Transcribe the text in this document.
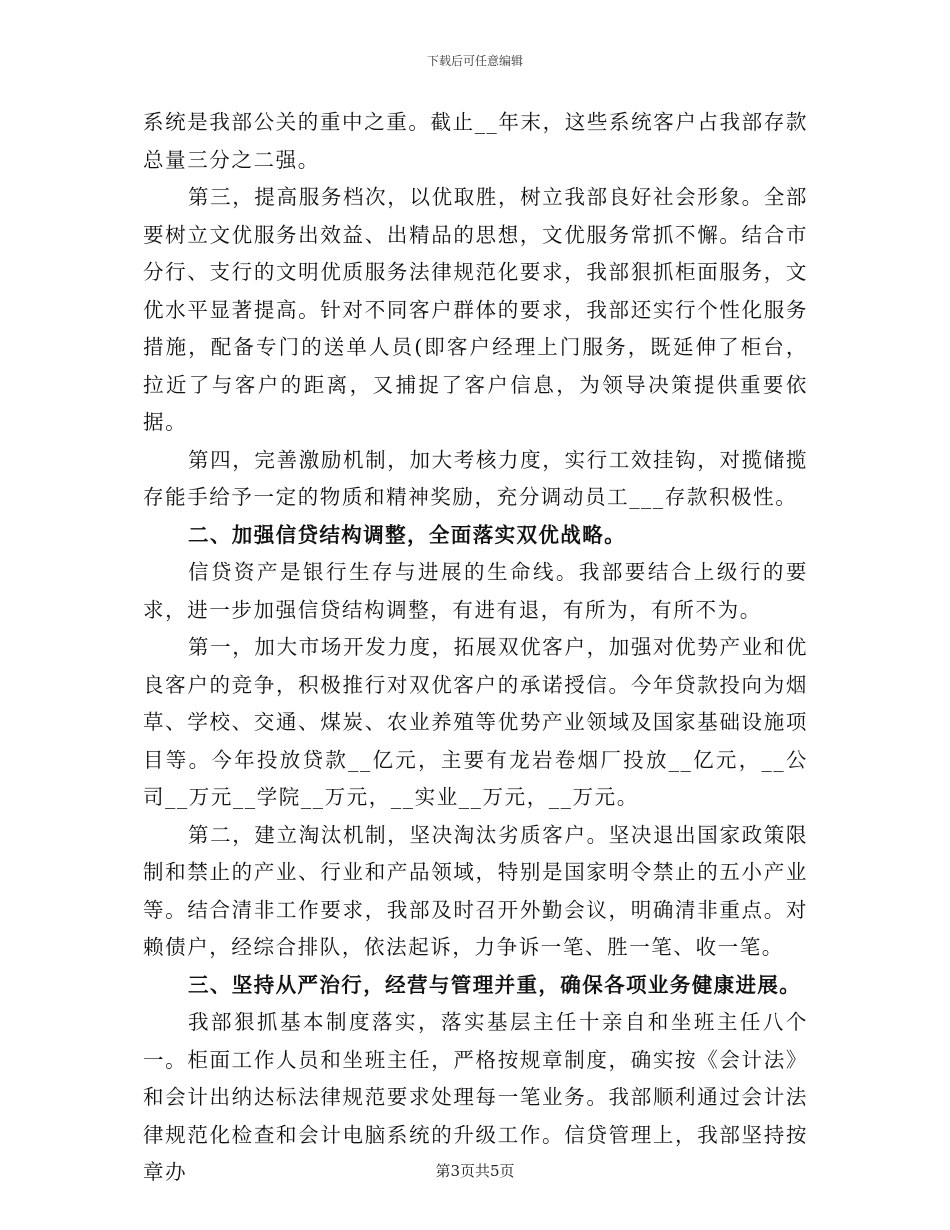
下载后可任意编辑

系统是我部公关的重中之重。截止__年末，这些系统客户占我部存款总量三分之二强。

第三，提高服务档次，以优取胜，树立我部良好社会形象。全部要树立文优服务出效益、出精品的思想，文优服务常抓不懈。结合市分行、支行的文明优质服务法律规范化要求，我部狠抓柜面服务，文优水平显著提高。针对不同客户群体的要求，我部还实行个性化服务措施，配备专门的送单人员(即客户经理上门服务，既延伸了柜台，拉近了与客户的距离，又捕捉了客户信息，为领导决策提供重要依据。

第四，完善激励机制，加大考核力度，实行工效挂钩，对揽储揽存能手给予一定的物质和精神奖励，充分调动员工___存款积极性。

二、加强信贷结构调整，全面落实双优战略。

信贷资产是银行生存与进展的生命线。我部要结合上级行的要求，进一步加强信贷结构调整，有进有退，有所为，有所不为。

第一，加大市场开发力度，拓展双优客户，加强对优势产业和优良客户的竞争，积极推行对双优客户的承诺授信。今年贷款投向为烟草、学校、交通、煤炭、农业养殖等优势产业领域及国家基础设施项目等。今年投放贷款__亿元，主要有龙岩卷烟厂投放__亿元，__公司__万元__学院__万元，__实业__万元，__万元。

第二，建立淘汰机制，坚决淘汰劣质客户。坚决退出国家政策限制和禁止的产业、行业和产品领域，特别是国家明令禁止的五小产业等。结合清非工作要求，我部及时召开外勤会议，明确清非重点。对赖债户，经综合排队，依法起诉，力争诉一笔、胜一笔、收一笔。

三、坚持从严治行，经营与管理并重，确保各项业务健康进展。

我部狠抓基本制度落实，落实基层主任十亲自和坐班主任八个一。柜面工作人员和坐班主任，严格按规章制度，确实按《会计法》和会计出纳达标法律规范要求处理每一笔业务。我部顺利通过会计法律规范化检查和会计电脑系统的升级工作。信贷管理上，我部坚持按章办	第3页共5页
